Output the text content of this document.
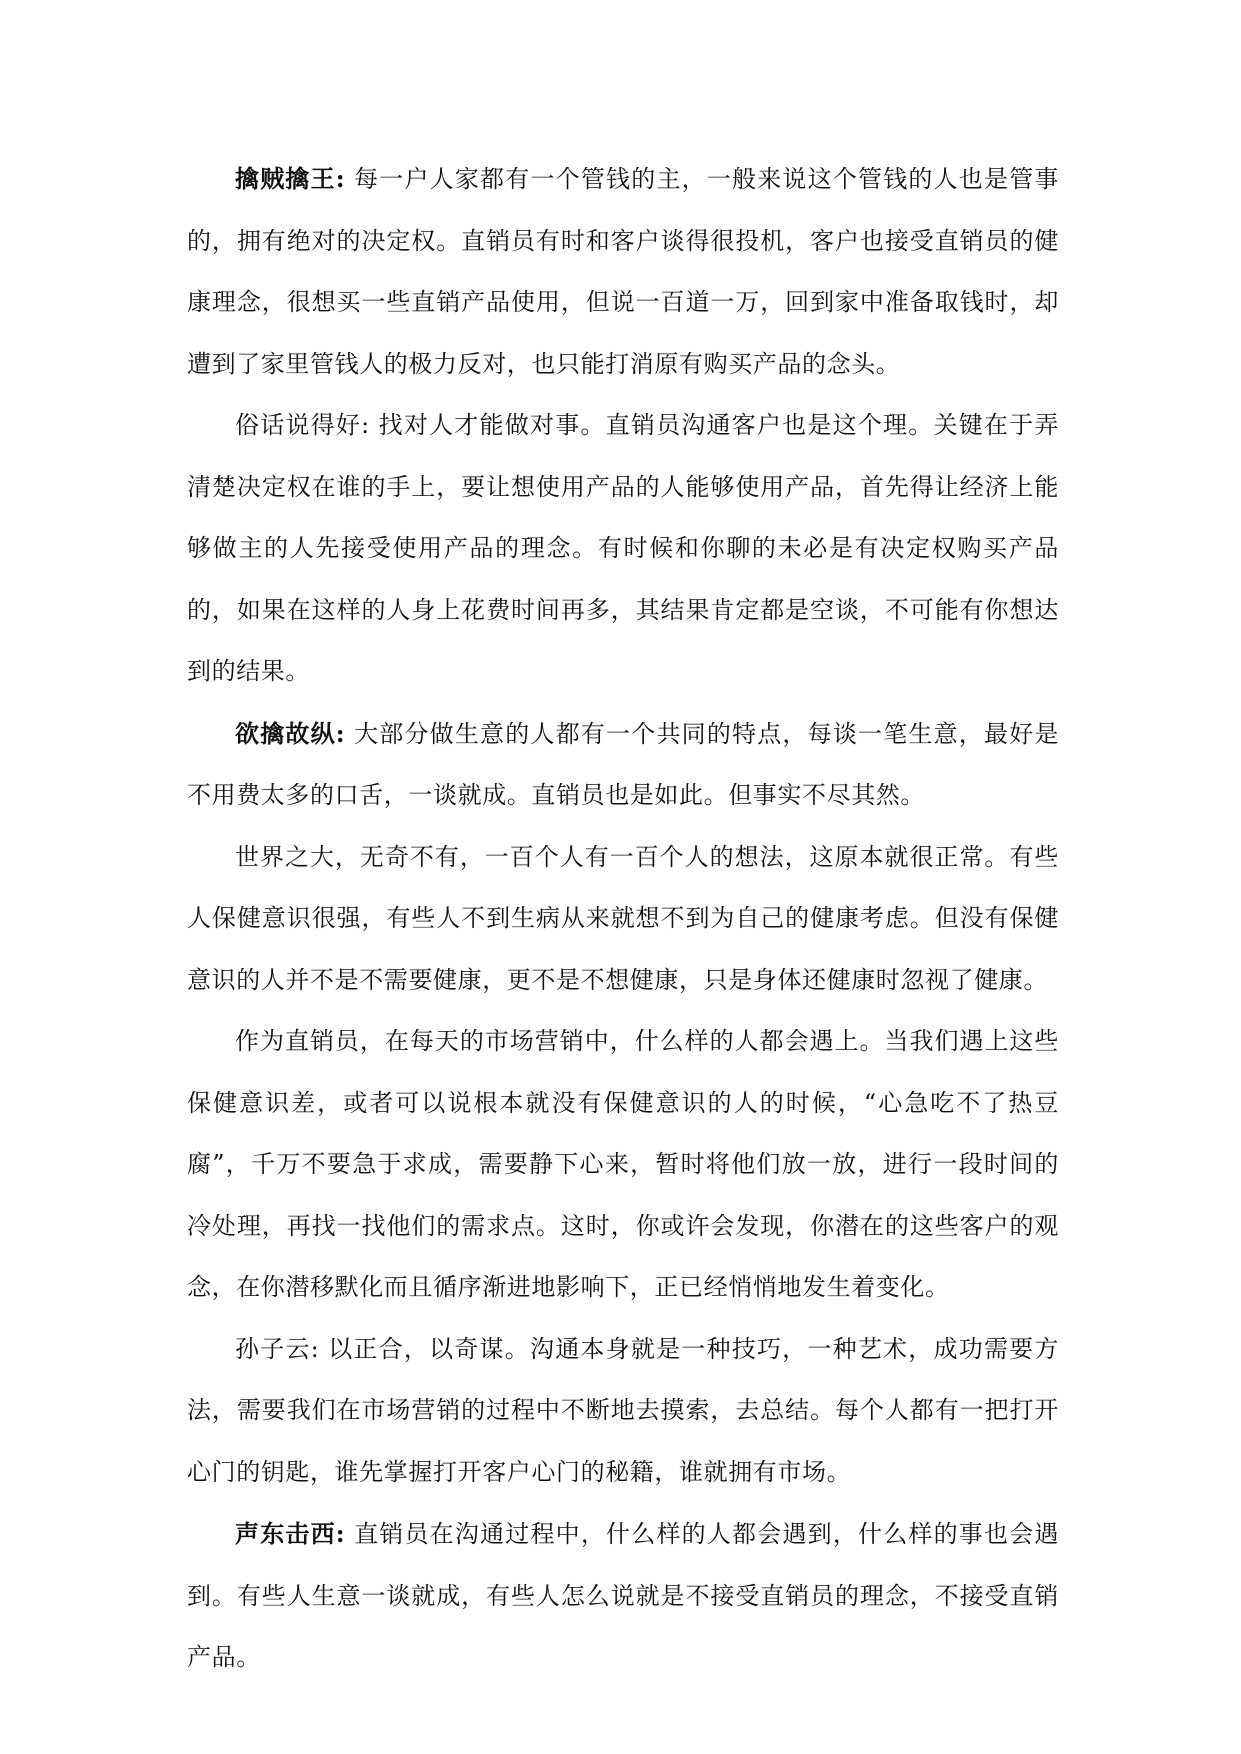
擒贼擒王: 每一户人家都有一个管钱的主，一般来说这个管钱的人也是管事的，拥有绝对的决定权。直销员有时和客户谈得很投机，客户也接受直销员的健康理念，很想买一些直销产品使用，但说一百道一万，回到家中准备取钱时，却遭到了家里管钱人的极力反对，也只能打消原有购买产品的念头。

俗话说得好: 找对人才能做对事。直销员沟通客户也是这个理。关键在于弄清楚决定权在谁的手上，要让想使用产品的人能够使用产品，首先得让经济上能够做主的人先接受使用产品的理念。有时候和你聊的未必是有决定权购买产品的，如果在这样的人身上花费时间再多，其结果肯定都是空谈，不可能有你想达到的结果。

欲擒故纵: 大部分做生意的人都有一个共同的特点，每谈一笔生意，最好是不用费太多的口舌，一谈就成。直销员也是如此。但事实不尽其然。

世界之大，无奇不有，一百个人有一百个人的想法，这原本就很正常。有些人保健意识很强，有些人不到生病从来就想不到为自己的健康考虑。但没有保健意识的人并不是不需要健康，更不是不想健康，只是身体还健康时忽视了健康。

作为直销员，在每天的市场营销中，什么样的人都会遇上。当我们遇上这些保健意识差，或者可以说根本就没有保健意识的人的时候，“心急吃不了热豆腐”，千万不要急于求成，需要静下心来，暂时将他们放一放，进行一段时间的冷处理，再找一找他们的需求点。这时，你或许会发现，你潜在的这些客户的观念，在你潜移默化而且循序渐进地影响下，正已经悄悄地发生着变化。

孙子云: 以正合，以奇谋。沟通本身就是一种技巧，一种艺术，成功需要方法，需要我们在市场营销的过程中不断地去摸索，去总结。每个人都有一把打开心门的钥匙，谁先掌握打开客户心门的秘籍，谁就拥有市场。

声东击西: 直销员在沟通过程中，什么样的人都会遇到，什么样的事也会遇到。有些人生意一谈就成，有些人怎么说就是不接受直销员的理念，不接受直销产品。
